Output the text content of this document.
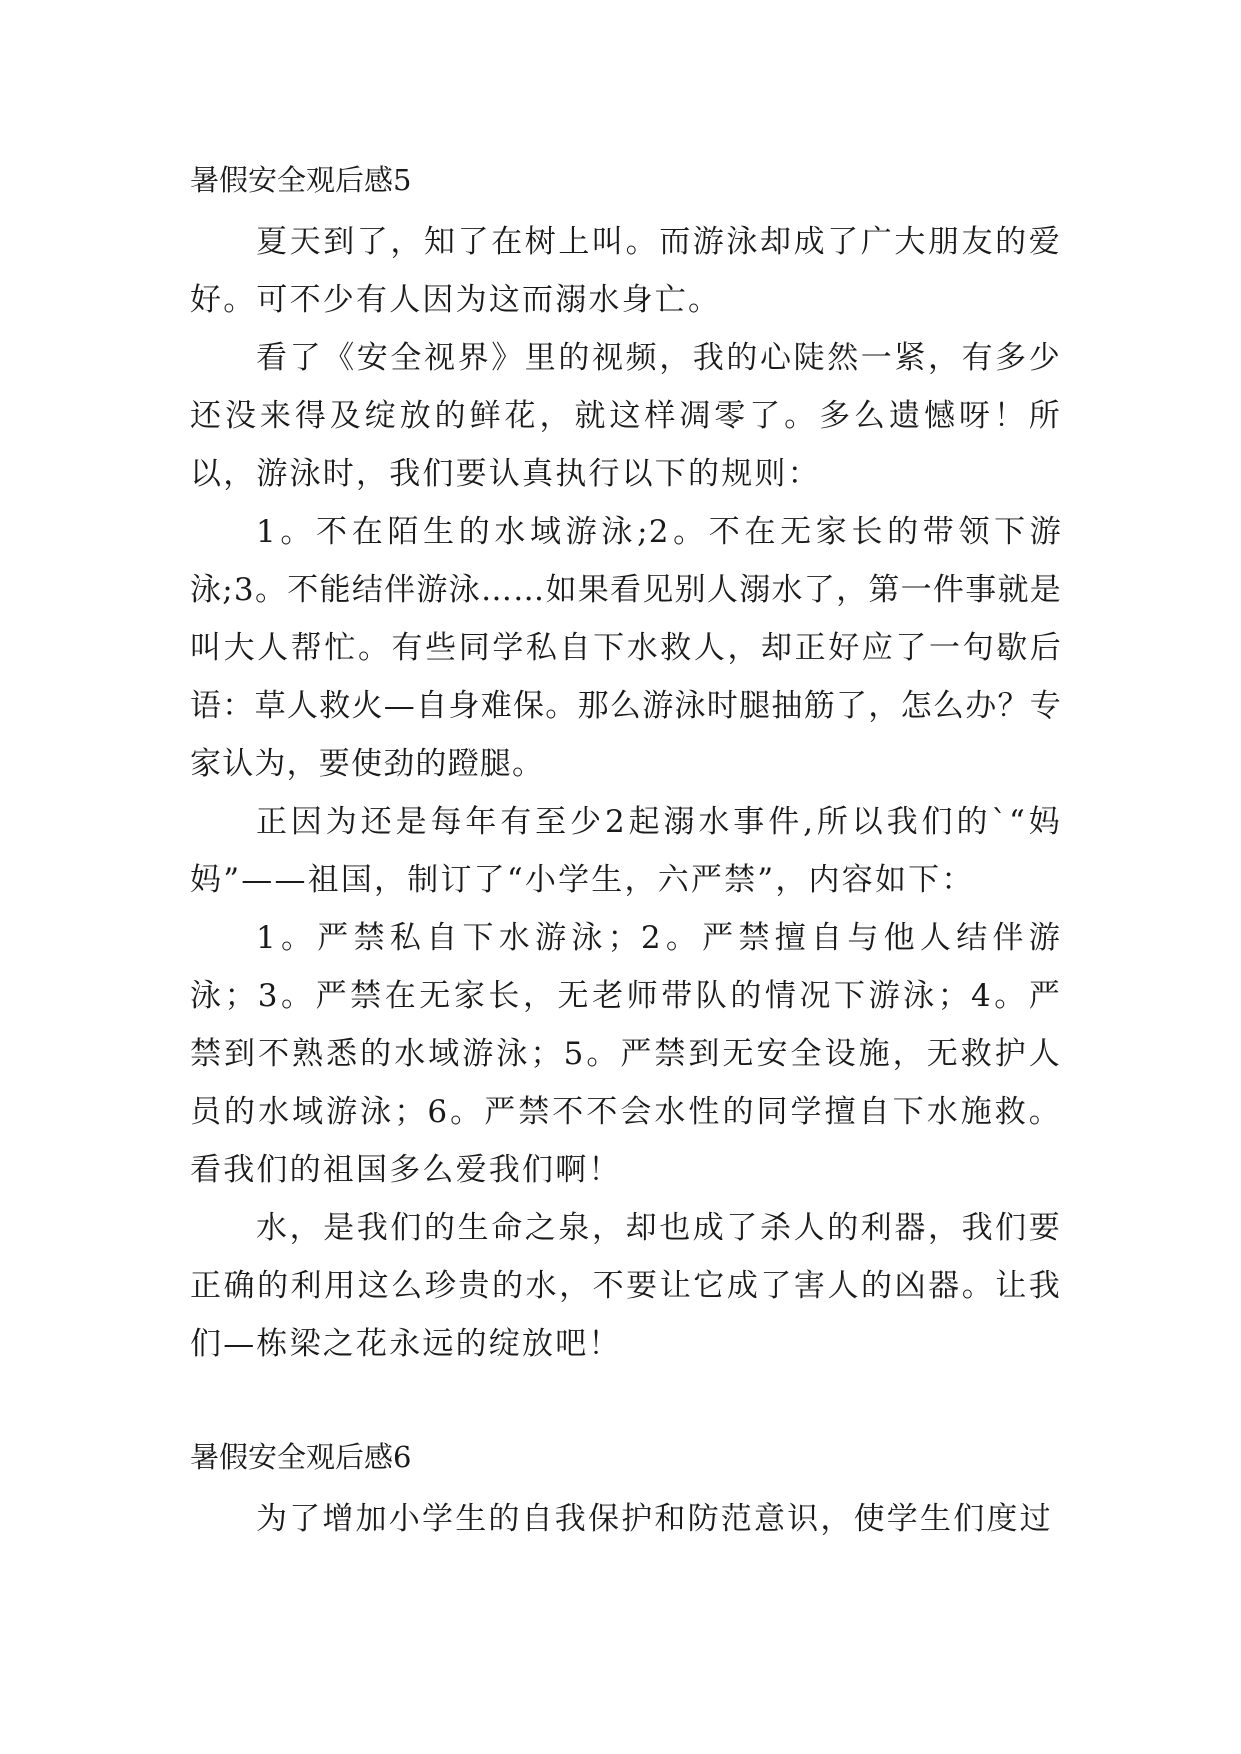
暑假安全观后感5

夏天到了，知了在树上叫。而游泳却成了广大朋友的爱好。可不少有人因为这而溺水身亡。

看了《安全视界》里的视频，我的心陡然一紧，有多少还没来得及绽放的鲜花，就这样凋零了。多么遗憾呀！所以，游泳时，我们要认真执行以下的规则：

1。不在陌生的水域游泳;2。不在无家长的带领下游泳;3。不能结伴游泳……如果看见别人溺水了，第一件事就是叫大人帮忙。有些同学私自下水救人，却正好应了一句歇后语：草人救火—自身难保。那么游泳时腿抽筋了，怎么办？专家认为，要使劲的蹬腿。

正因为还是每年有至少2起溺水事件,所以我们的`“妈妈”——祖国，制订了“小学生，六严禁”，内容如下：

1。严禁私自下水游泳；2。严禁擅自与他人结伴游泳；3。严禁在无家长，无老师带队的情况下游泳；4。严禁到不熟悉的水域游泳；5。严禁到无安全设施，无救护人员的水域游泳；6。严禁不不会水性的同学擅自下水施救。看我们的祖国多么爱我们啊！

水，是我们的生命之泉，却也成了杀人的利器，我们要正确的利用这么珍贵的水，不要让它成了害人的凶器。让我们—栋梁之花永远的绽放吧！

暑假安全观后感6

为了增加小学生的自我保护和防范意识，使学生们度过
